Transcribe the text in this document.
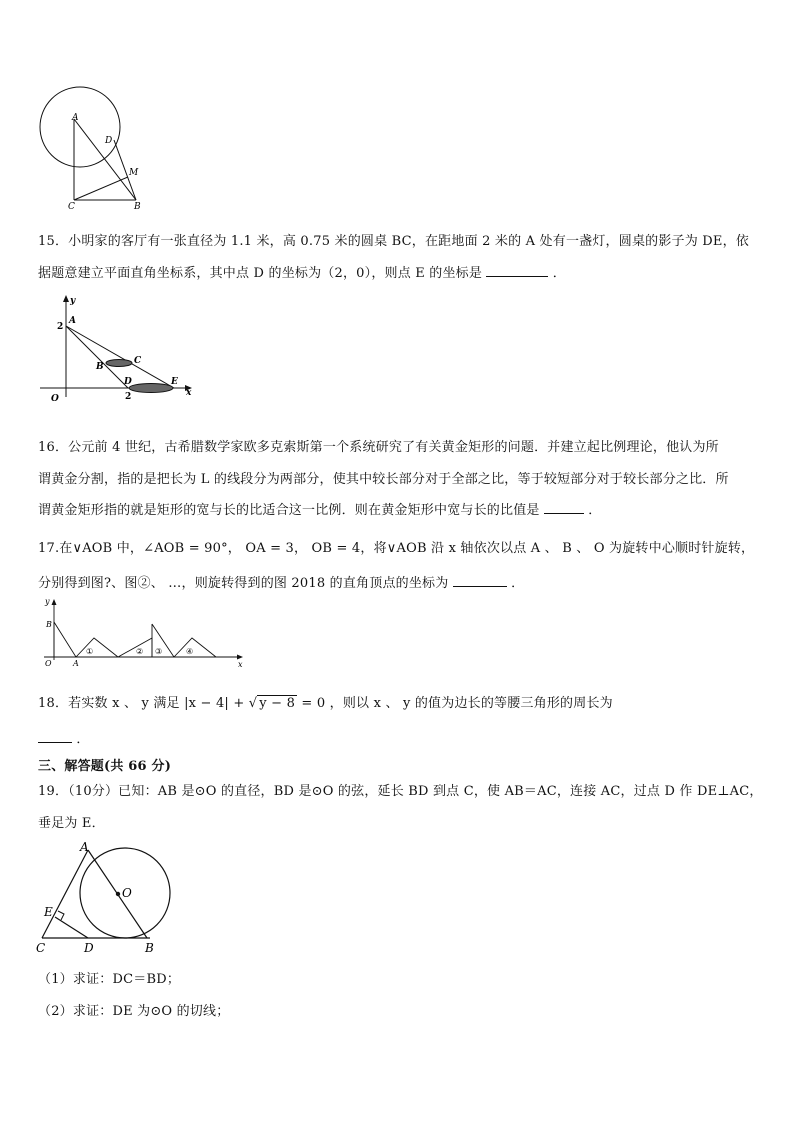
A
D
M
C	B
15．小明家的客厅有一张直径为 1.1 米，高 0.75 米的圆桌 BC，在距地面 2 米的 A 处有一盏灯，圆桌的影子为 DE，依
据题意建立平面直角坐标系，其中点 D 的坐标为（2，0），则点 E 的坐标是	．
y
A
2
B
C
D	E
x
O	2
16．公元前 4 世纪，古希腊数学家欧多克索斯第一个系统研究了有关黄金矩形的问题．并建立起比例理论，他认为所
谓黄金分割，指的是把长为 L 的线段分为两部分，使其中较长部分对于全部之比，等于较短部分对于较长部分之比．所
谓黄金矩形指的就是矩形的宽与长的比适合这一比例．则在黄金矩形中宽与长的比值是	．
17.在∨AOB 中，∠AOB = 90°， OA = 3， OB = 4，将∨AOB 沿 x 轴依次以点 A 、 B 、 O 为旋转中心顺时针旋转，
分别得到图?、图②、 …，则旋转得到的图 2018 的直角顶点的坐标为	．
y
B
O	A	x
①	② ③	④
18．若实数 x 、 y 满足 |x − 4| + √ y − 8 = 0 ，则以 x 、 y 的值为边长的等腰三角形的周长为
．
三、解答题(共 66 分)
19．（10分）已知：AB 是⊙O 的直径，BD 是⊙O 的弦，延长 BD 到点 C，使 AB＝AC，连接 AC，过点 D 作 DE⊥AC，
垂足为 E．
A
O
E
C	D	B
（1）求证：DC＝BD；
（2）求证：DE 为⊙O 的切线；
